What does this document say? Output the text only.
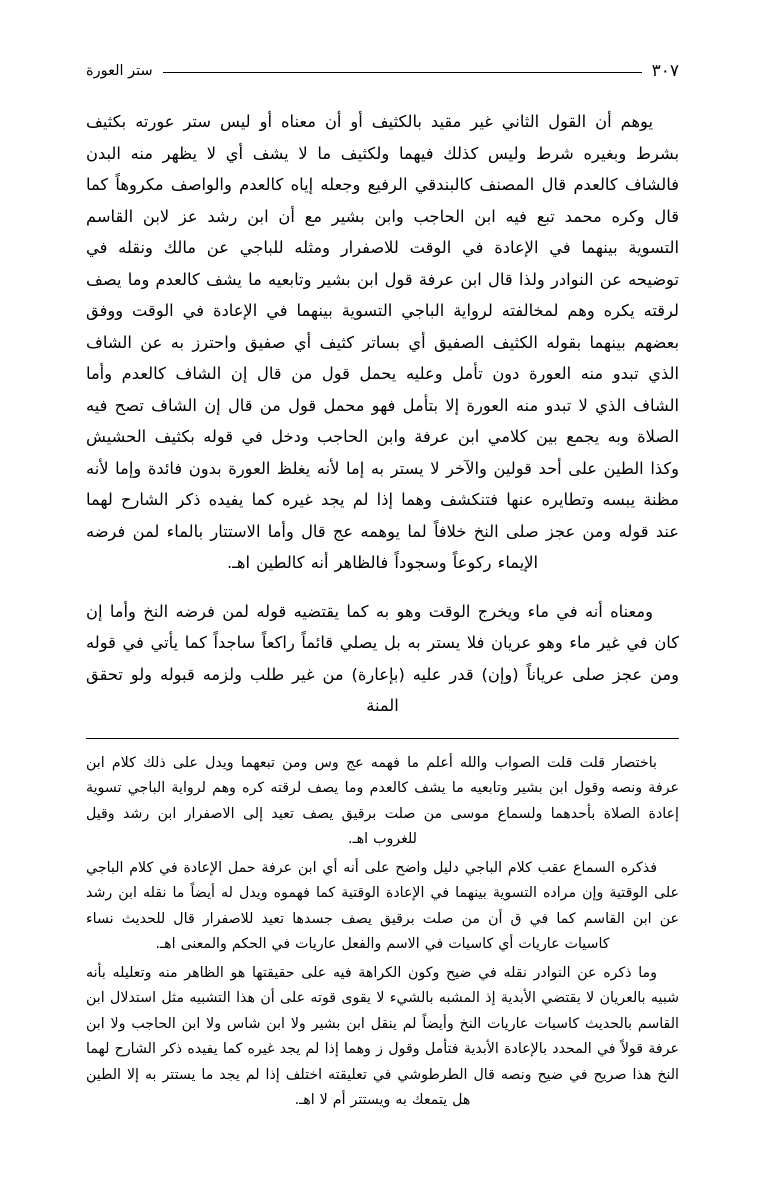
٣٠٧
ستر العورة

يوهم أن القول الثاني غير مقيد بالكثيف أو أن معناه أو ليس ستر عورته بكثيف بشرط وبغيره شرط وليس كذلك فيهما ولكثيف ما لا يشف أي لا يظهر منه البدن فالشاف كالعدم قال المصنف كالبندقي الرفيع وجعله إياه كالعدم والواصف مكروهاً كما قال وكره محمد تبع فيه ابن الحاجب وابن بشير مع أن ابن رشد عز لابن القاسم التسوية بينهما في الإعادة في الوقت للاصفرار ومثله للباجي عن مالك ونقله في توضيحه عن النوادر ولذا قال ابن عرفة قول ابن بشير وتابعيه ما يشف كالعدم وما يصف لرقته يكره وهم لمخالفته لرواية الباجي التسوية بينهما في الإعادة في الوقت ووفق بعضهم بينهما بقوله الكثيف الصفيق أي بساتر كثيف أي صفيق واحترز به عن الشاف الذي تبدو منه العورة دون تأمل وعليه يحمل قول من قال إن الشاف كالعدم وأما الشاف الذي لا تبدو منه العورة إلا بتأمل فهو محمل قول من قال إن الشاف تصح فيه الصلاة وبه يجمع بين كلامي ابن عرفة وابن الحاجب ودخل في قوله بكثيف الحشيش وكذا الطين على أحد قولين والآخر لا يستر به إما لأنه يغلظ العورة بدون فائدة وإما لأنه مظنة يبسه وتطايره عنها فتنكشف وهما إذا لم يجد غيره كما يفيده ذكر الشارح لهما عند قوله ومن عجز صلى النخ خلافاً لما يوهمه عج قال وأما الاستتار بالماء لمن فرضه الإيماء ركوعاً وسجوداً فالظاهر أنه كالطين اهـ.

ومعناه أنه في ماء ويخرج الوقت وهو به كما يقتضيه قوله لمن فرضه النخ وأما إن كان في غير ماء وهو عريان فلا يستر به بل يصلي قائماً راكعاً ساجداً كما يأتي في قوله ومن عجز صلى عرياناً (وإن) قدر عليه (بإعارة) من غير طلب ولزمه قبوله ولو تحقق المنة

باختصار قلت قلت الصواب والله أعلم ما فهمه عج وس ومن تبعهما ويدل على ذلك كلام ابن عرفة ونصه وقول ابن بشير وتابعيه ما يشف كالعدم وما يصف لرقته كره وهم لرواية الباجي تسوية إعادة الصلاة بأحدهما ولسماع موسى من صلت برقيق يصف تعيد إلى الاصفرار ابن رشد وقيل للغروب اهـ.

فذكره السماع عقب كلام الباجي دليل واضح على أنه أي ابن عرفة حمل الإعادة في كلام الباجي على الوقتية وإن مراده التسوية بينهما في الإعادة الوقتية كما فهموه ويدل له أيضاً ما نقله ابن رشد عن ابن القاسم كما في ق أن من صلت برقيق يصف جسدها تعيد للاصفرار قال للحديث نساء كاسيات عاريات أي كاسيات في الاسم والفعل عاريات في الحكم والمعنى اهـ.

وما ذكره عن النوادر نقله في ضيح وكون الكراهة فيه على حقيقتها هو الظاهر منه وتعليله بأنه شبيه بالعريان لا يقتضي الأبدية إذ المشبه بالشيء لا يقوى قوته على أن هذا التشبيه مثل استدلال ابن القاسم بالحديث كاسيات عاريات النخ وأيضاً لم ينقل ابن بشير ولا ابن شاس ولا ابن الحاجب ولا ابن عرفة قولاً في المحدد بالإعادة الأبدية فتأمل وقول ز وهما إذا لم يجد غيره كما يفيده ذكر الشارح لهما النخ هذا صريح في ضيح ونصه قال الطرطوشي في تعليقته اختلف إذا لم يجد ما يستتر به إلا الطين هل يتمعك به ويستتر أم لا اهـ.
